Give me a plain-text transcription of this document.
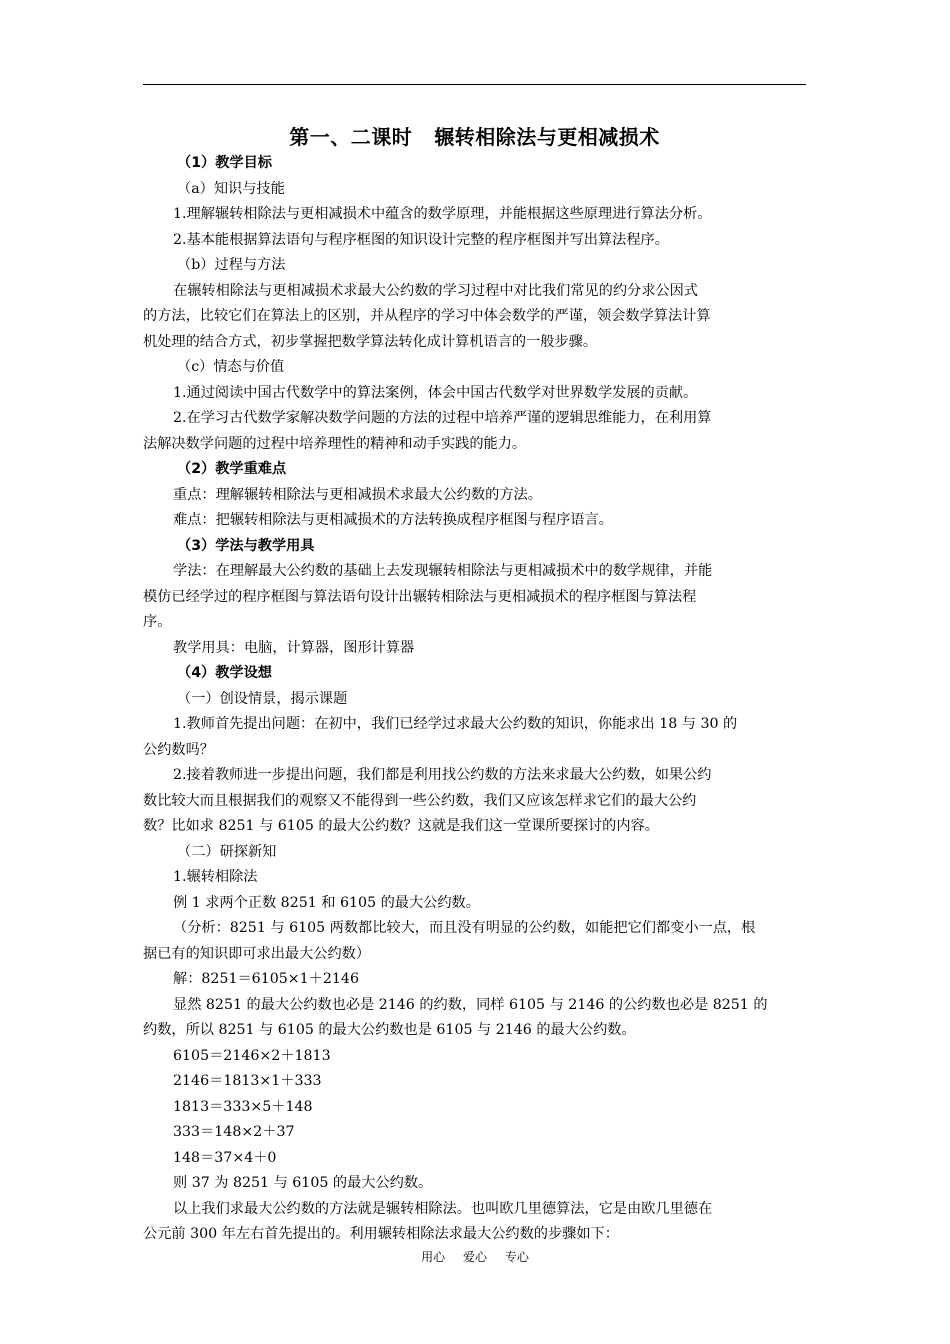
第一、二课时 辗转相除法与更相减损术
（1）教学目标
（a）知识与技能
1.理解辗转相除法与更相减损术中蕴含的数学原理，并能根据这些原理进行算法分析。
2.基本能根据算法语句与程序框图的知识设计完整的程序框图并写出算法程序。
（b）过程与方法
在辗转相除法与更相减损术求最大公约数的学习过程中对比我们常见的约分求公因式
的方法，比较它们在算法上的区别，并从程序的学习中体会数学的严谨，领会数学算法计算
机处理的结合方式，初步掌握把数学算法转化成计算机语言的一般步骤。
（c）情态与价值
1.通过阅读中国古代数学中的算法案例，体会中国古代数学对世界数学发展的贡献。
2.在学习古代数学家解决数学问题的方法的过程中培养严谨的逻辑思维能力，在利用算
法解决数学问题的过程中培养理性的精神和动手实践的能力。
（2）教学重难点
重点：理解辗转相除法与更相减损术求最大公约数的方法。
难点：把辗转相除法与更相减损术的方法转换成程序框图与程序语言。
（3）学法与教学用具
学法：在理解最大公约数的基础上去发现辗转相除法与更相减损术中的数学规律，并能
模仿已经学过的程序框图与算法语句设计出辗转相除法与更相减损术的程序框图与算法程
序。
教学用具：电脑，计算器，图形计算器
（4）教学设想
（一）创设情景，揭示课题
1.教师首先提出问题：在初中，我们已经学过求最大公约数的知识，你能求出 18 与 30 的
公约数吗？
2.接着教师进一步提出问题，我们都是利用找公约数的方法来求最大公约数，如果公约
数比较大而且根据我们的观察又不能得到一些公约数，我们又应该怎样求它们的最大公约
数？比如求 8251 与 6105 的最大公约数？这就是我们这一堂课所要探讨的内容。
（二）研探新知
1.辗转相除法
例 1 求两个正数 8251 和 6105 的最大公约数。
（分析：8251 与 6105 两数都比较大，而且没有明显的公约数，如能把它们都变小一点，根
据已有的知识即可求出最大公约数）
解：8251＝6105×1＋2146
显然 8251 的最大公约数也必是 2146 的约数，同样 6105 与 2146 的公约数也必是 8251 的
约数，所以 8251 与 6105 的最大公约数也是 6105 与 2146 的最大公约数。
6105＝2146×2＋1813
2146＝1813×1＋333
1813＝333×5＋148
333＝148×2＋37
148＝37×4＋0
则 37 为 8251 与 6105 的最大公约数。
以上我们求最大公约数的方法就是辗转相除法。也叫欧几里德算法，它是由欧几里德在
公元前 300 年左右首先提出的。利用辗转相除法求最大公约数的步骤如下：
用心 爱心 专心
